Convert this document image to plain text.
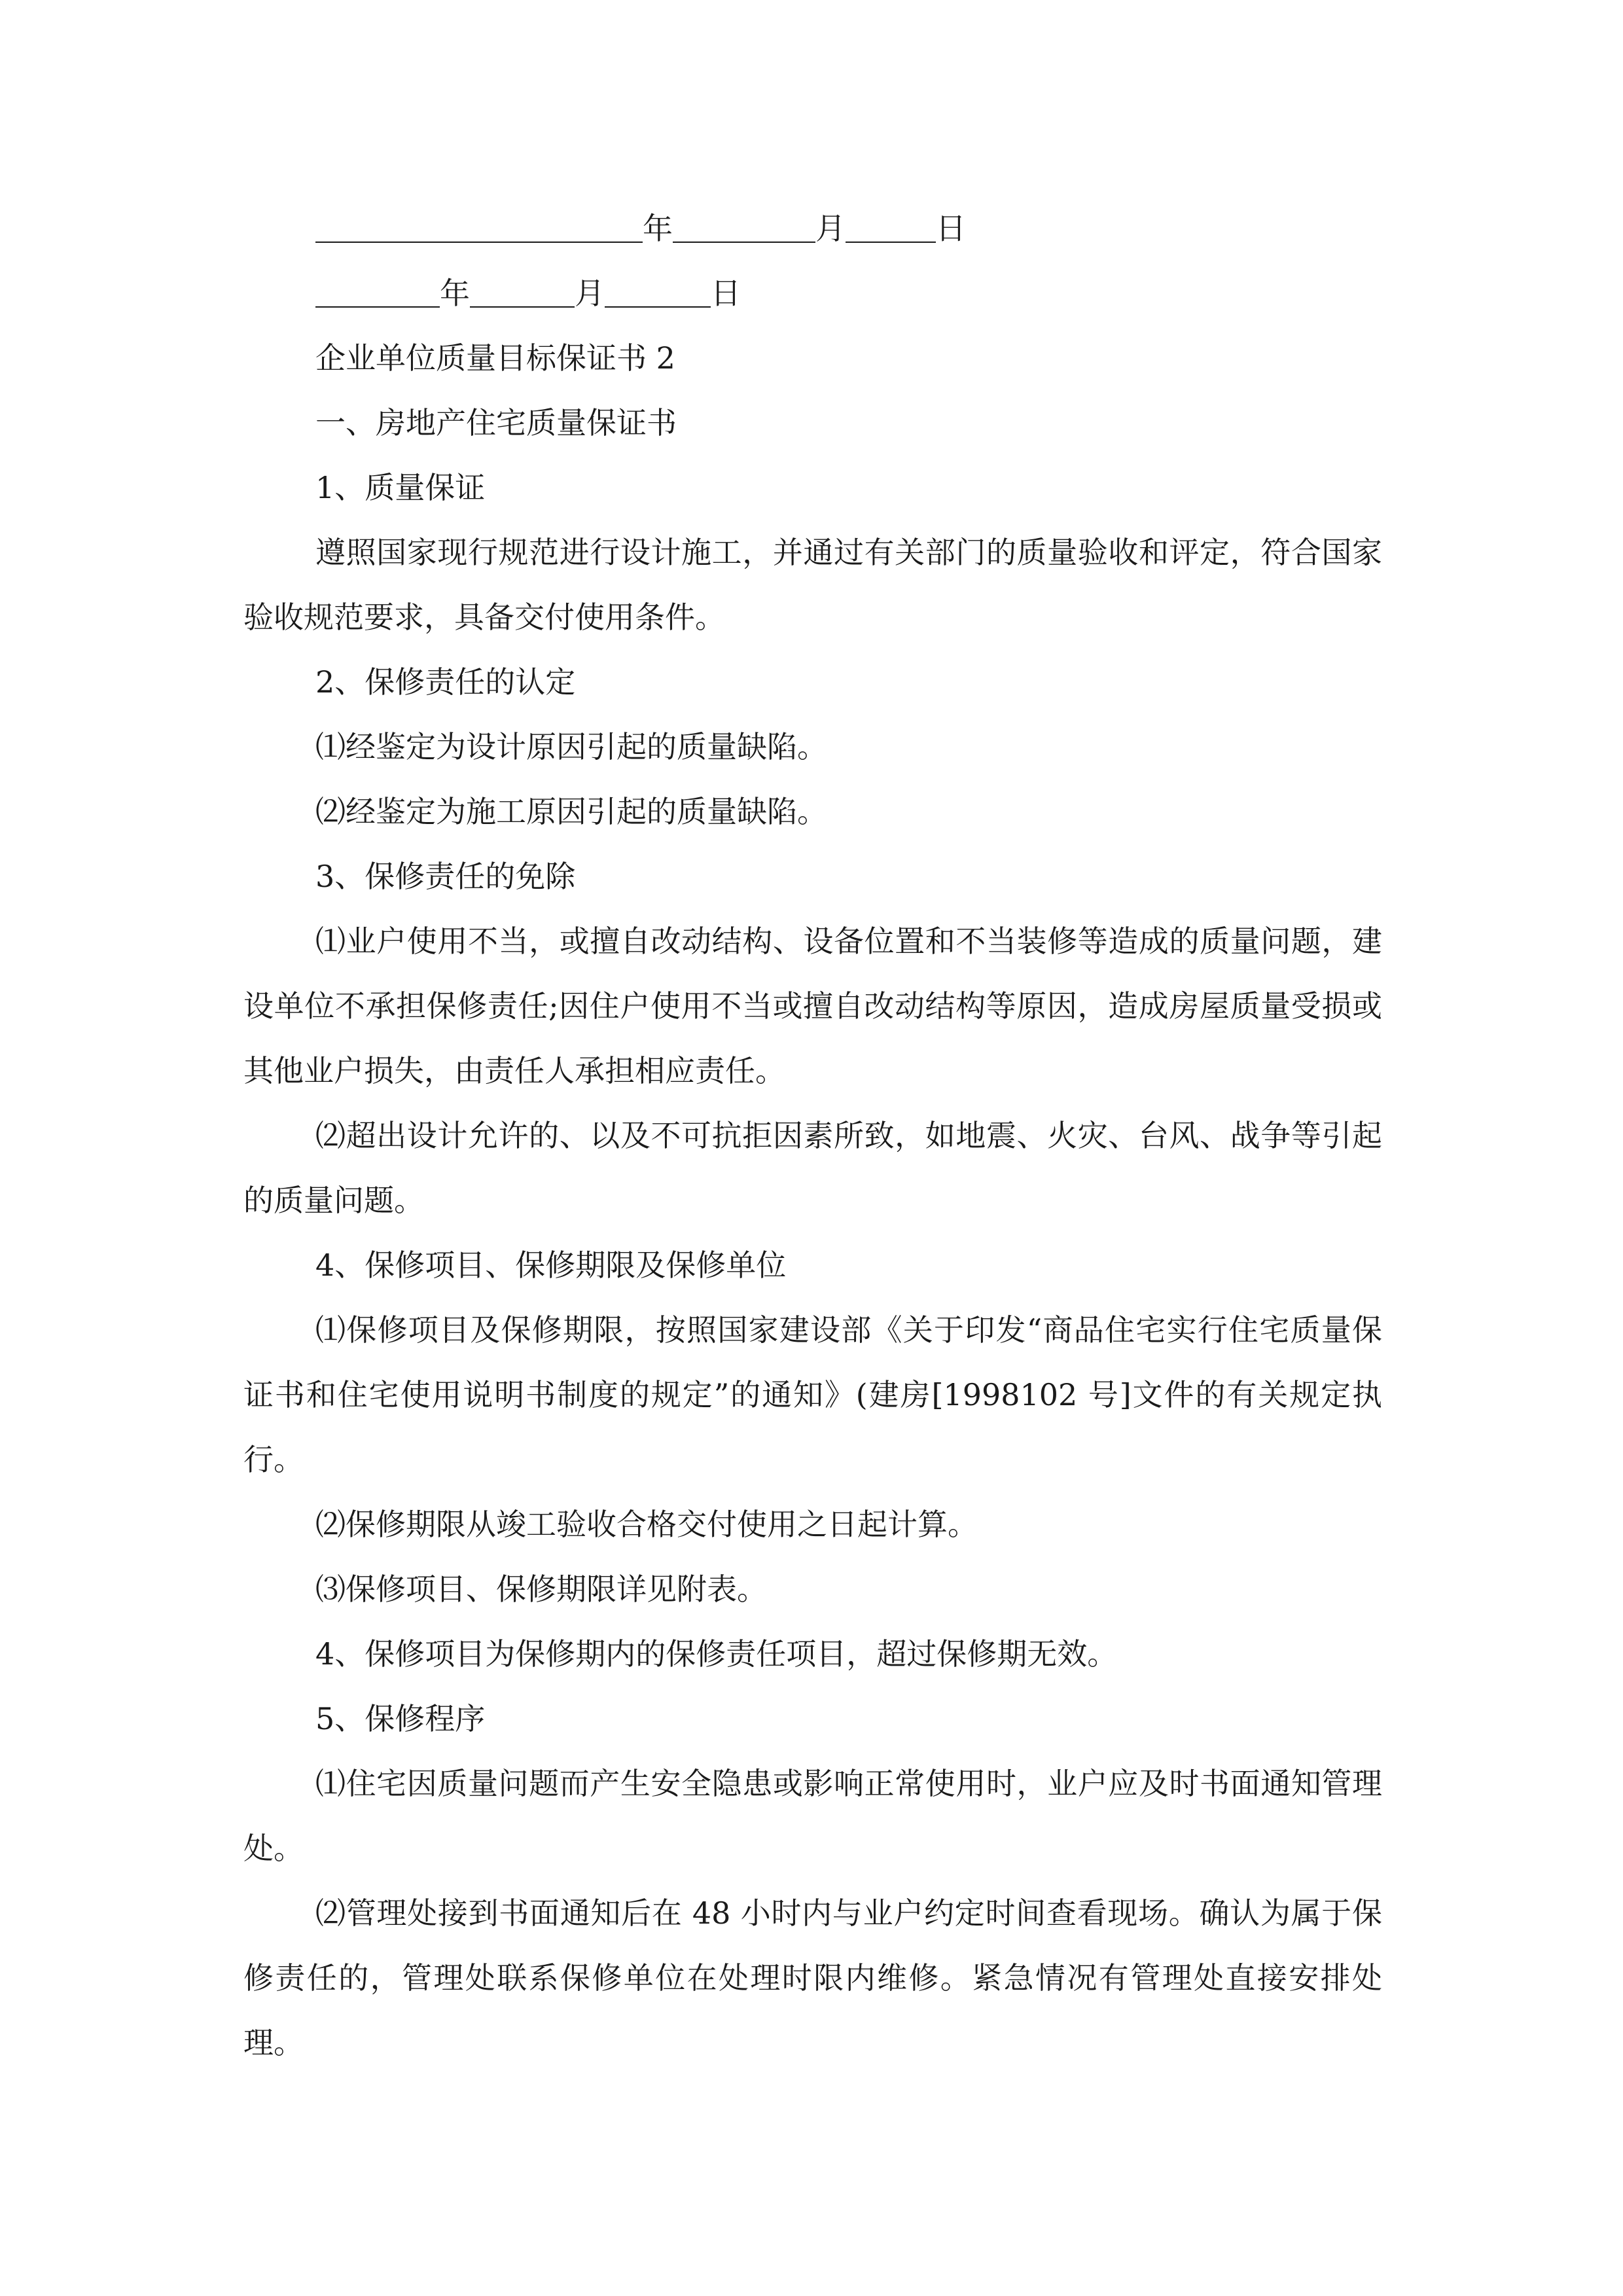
年	月	日
年	月	日

企业单位质量目标保证书 2

一、房地产住宅质量保证书

1、质量保证

遵照国家现行规范进行设计施工，并通过有关部门的质量验收和评定，符合国家验收规范要求，具备交付使用条件。

2、保修责任的认定

⑴经鉴定为设计原因引起的质量缺陷。

⑵经鉴定为施工原因引起的质量缺陷。

3、保修责任的免除

⑴业户使用不当，或擅自改动结构、设备位置和不当装修等造成的质量问题，建设单位不承担保修责任;因住户使用不当或擅自改动结构等原因，造成房屋质量受损或其他业户损失，由责任人承担相应责任。

⑵超出设计允许的、以及不可抗拒因素所致，如地震、火灾、台风、战争等引起的质量问题。

4、保修项目、保修期限及保修单位

⑴保修项目及保修期限，按照国家建设部《关于印发“商品住宅实行住宅质量保证书和住宅使用说明书制度的规定”的通知》(建房[1998102 号]文件的有关规定执行。

⑵保修期限从竣工验收合格交付使用之日起计算。

⑶保修项目、保修期限详见附表。

4、保修项目为保修期内的保修责任项目，超过保修期无效。

5、保修程序

⑴住宅因质量问题而产生安全隐患或影响正常使用时，业户应及时书面通知管理处。

⑵管理处接到书面通知后在 48 小时内与业户约定时间查看现场。确认为属于保修责任的，管理处联系保修单位在处理时限内维修。紧急情况有管理处直接安排处理。
